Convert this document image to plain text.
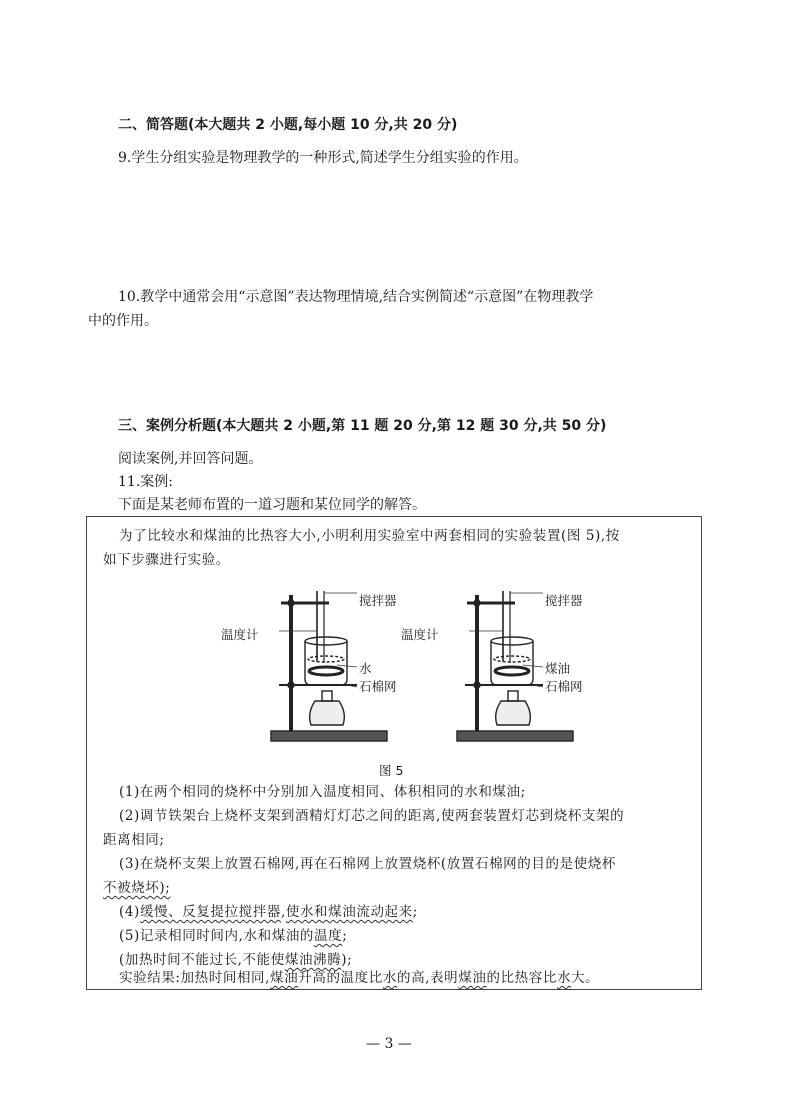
二、简答题(本大题共 2 小题,每小题 10 分,共 20 分)
9.学生分组实验是物理教学的一种形式,简述学生分组实验的作用。
10.教学中通常会用“示意图”表达物理情境,结合实例简述“示意图”在物理教学
中的作用。
三、案例分析题(本大题共 2 小题,第 11 题 20 分,第 12 题 30 分,共 50 分)
阅读案例,并回答问题。
11.案例:
下面是某老师布置的一道习题和某位同学的解答。
为了比较水和煤油的比热容大小,小明利用实验室中两套相同的实验装置(图 5),按
如下步骤进行实验。
搅拌器
温度计
水
石棉网
搅拌器
温度计
煤油
石棉网
图 5
(1)在两个相同的烧杯中分别加入温度相同、体积相同的水和煤油;
(2)调节铁架台上烧杯支架到酒精灯灯芯之间的距离,使两套装置灯芯到烧杯支架的
距离相同;
(3)在烧杯支架上放置石棉网,再在石棉网上放置烧杯(放置石棉网的目的是使烧杯
不被烧坏);
(4)缓慢、反复提拉搅拌器,使水和煤油流动起来;
(5)记录相同时间内,水和煤油的温度;
(加热时间不能过长,不能使煤油沸腾);
实验结果:加热时间相同,煤油升高的温度比水的高,表明煤油的比热容比水大。
— 3 —
